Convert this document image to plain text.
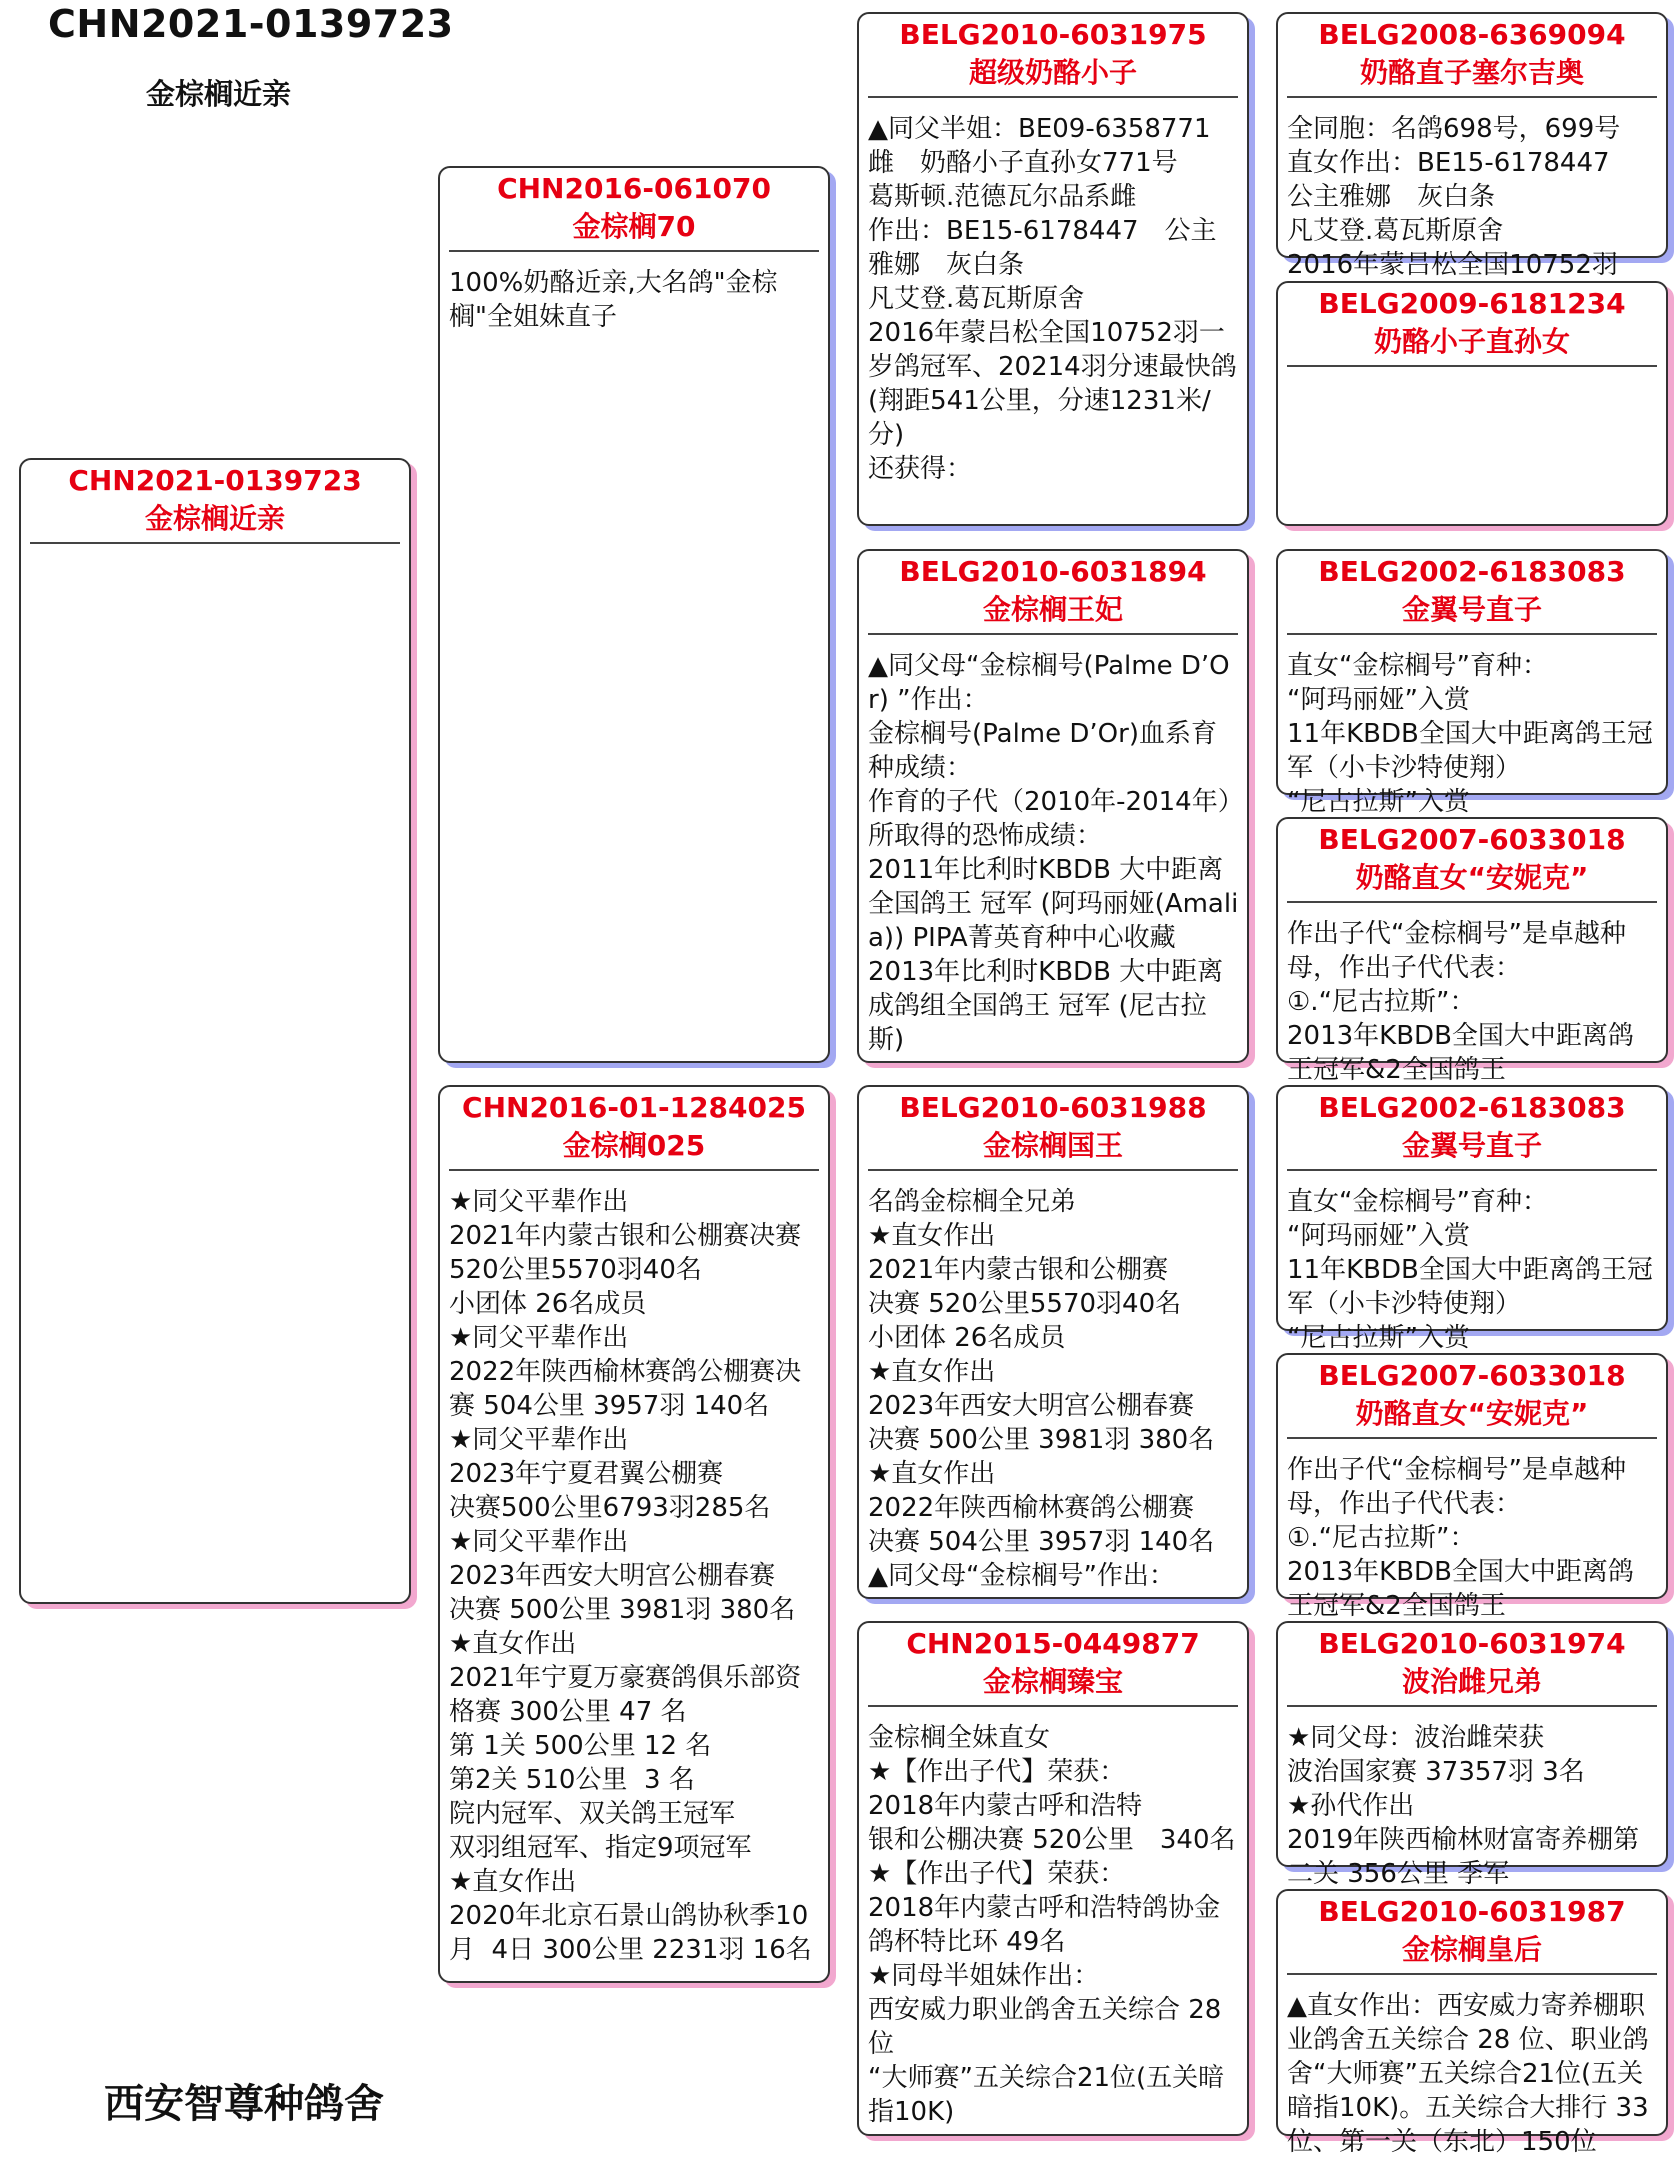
CHN2021-0139723
金棕榈近亲
CHN2021-0139723
金棕榈近亲
CHN2016-061070
金棕榈70
100%奶酪近亲,大名鸽"金棕榈"全姐妹直子
CHN2016-01-1284025
金棕榈025
★同父平辈作出
2021年内蒙古银和公棚赛决赛 520公里5570羽40名
小团体 26名成员
★同父平辈作出
2022年陕西榆林赛鸽公棚赛决赛 504公里 3957羽 140名
★同父平辈作出
2023年宁夏君翼公棚赛
决赛500公里6793羽285名
★同父平辈作出
2023年西安大明宫公棚春赛
决赛 500公里 3981羽 380名
★直女作出
2021年宁夏万豪赛鸽俱乐部资格赛 300公里 47 名
第 1关 500公里 12 名
第2关 510公里  3 名
院内冠军、双关鸽王冠军
双羽组冠军、指定9项冠军
★直女作出
2020年北京石景山鸽协秋季10月  4日 300公里 2231羽 16名
BELG2010-6031975
超级奶酪小子
▲同父半姐：BE09-6358771 雌　奶酪小子直孙女771号
葛斯顿.范德瓦尔品系雌
作出：BE15-6178447　公主雅娜　灰白条
凡艾登.葛瓦斯原舍
2016年蒙吕松全国10752羽一岁鸽冠军、20214羽分速最快鸽
(翔距541公里，分速1231米/分)
还获得：
BELG2010-6031894
金棕榈王妃
▲同父母“金棕榈号(Palme D’Or) ”作出：
金棕榈号(Palme D’Or)血系育种成绩：
作育的子代（2010年-2014年）所取得的恐怖成绩：
2011年比利时KBDB 大中距离全国鸽王 冠军 (阿玛丽娅(Amalia)) PIPA菁英育种中心收藏
2013年比利时KBDB 大中距离成鸽组全国鸽王 冠军 (尼古拉斯)
BELG2010-6031988
金棕榈国王
名鸽金棕榈全兄弟
★直女作出
2021年内蒙古银和公棚赛
决赛 520公里5570羽40名
小团体 26名成员
★直女作出
2023年西安大明宫公棚春赛
决赛 500公里 3981羽 380名
★直女作出
2022年陕西榆林赛鸽公棚赛
决赛 504公里 3957羽 140名
▲同父母“金棕榈号”作出：
CHN2015-0449877
金棕榈臻宝
金棕榈全妹直女
★【作出子代】荣获：
2018年内蒙古呼和浩特
银和公棚决赛 520公里　340名
★【作出子代】荣获：
2018年内蒙古呼和浩特鸽协金鸽杯特比环 49名
★同母半姐妹作出：
西安威力职业鸽舍五关综合 28位
“大师赛”五关综合21位(五关暗指10K)
BELG2008-6369094
奶酪直子塞尔吉奥
全同胞：名鸽698号，699号
直女作出：BE15-6178447　公主雅娜　灰白条
凡艾登.葛瓦斯原舍
2016年蒙吕松全国10752羽
BELG2009-6181234
奶酪小子直孙女
BELG2002-6183083
金翼号直子
直女“金棕榈号”育种：
“阿玛丽娅”入赏
11年KBDB全国大中距离鸽王冠军（小卡沙特使翔）
“尼古拉斯”入赏
BELG2007-6033018
奶酪直女“安妮克”
作出子代“金棕榈号”是卓越种母，作出子代代表：
①.“尼古拉斯”：
2013年KBDB全国大中距离鸽王冠军&2全国鸽王
BELG2002-6183083
金翼号直子
直女“金棕榈号”育种：
“阿玛丽娅”入赏
11年KBDB全国大中距离鸽王冠军（小卡沙特使翔）
“尼古拉斯”入赏
BELG2007-6033018
奶酪直女“安妮克”
作出子代“金棕榈号”是卓越种母，作出子代代表：
①.“尼古拉斯”：
2013年KBDB全国大中距离鸽王冠军&2全国鸽王
BELG2010-6031974
波治雌兄弟
★同父母：波治雌荣获
波治国家赛 37357羽 3名
★孙代作出
2019年陕西榆林财富寄养棚第二关 356公里 季军
BELG2010-6031987
金棕榈皇后
▲直女作出：西安威力寄养棚职业鸽舍五关综合 28 位、职业鸽舍“大师赛”五关综合21位(五关暗指10K)。五关综合大排行 33 位、第一关（东北）150位
西安智尊种鸽舍
